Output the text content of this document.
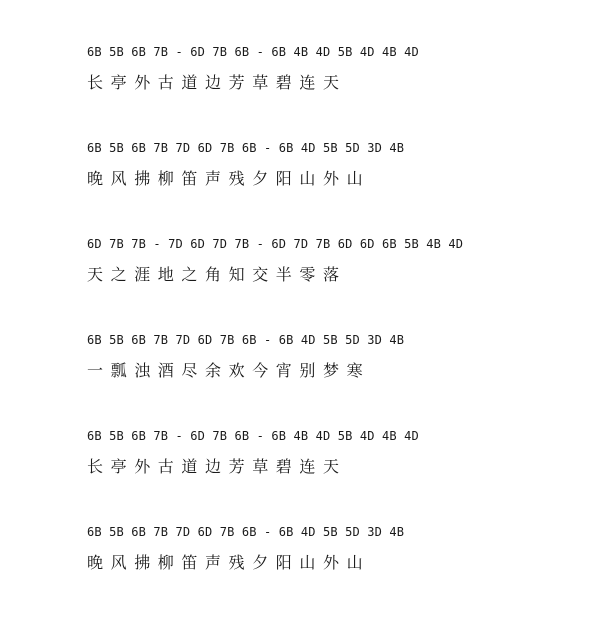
6B 5B 6B 7B - 6D 7B 6B - 6B 4B 4D 5B 4D 4B 4D
长亭外古道边芳草碧连天
6B 5B 6B 7B 7D 6D 7B 6B - 6B 4D 5B 5D 3D 4B
晚风拂柳笛声残夕阳山外山
6D 7B 7B - 7D 6D 7D 7B - 6D 7D 7B 6D 6D 6B 5B 4B 4D
天之涯地之角知交半零落
6B 5B 6B 7B 7D 6D 7B 6B - 6B 4D 5B 5D 3D 4B
一瓢浊酒尽余欢今宵别梦寒
6B 5B 6B 7B - 6D 7B 6B - 6B 4B 4D 5B 4D 4B 4D
长亭外古道边芳草碧连天
6B 5B 6B 7B 7D 6D 7B 6B - 6B 4D 5B 5D 3D 4B
晚风拂柳笛声残夕阳山外山
